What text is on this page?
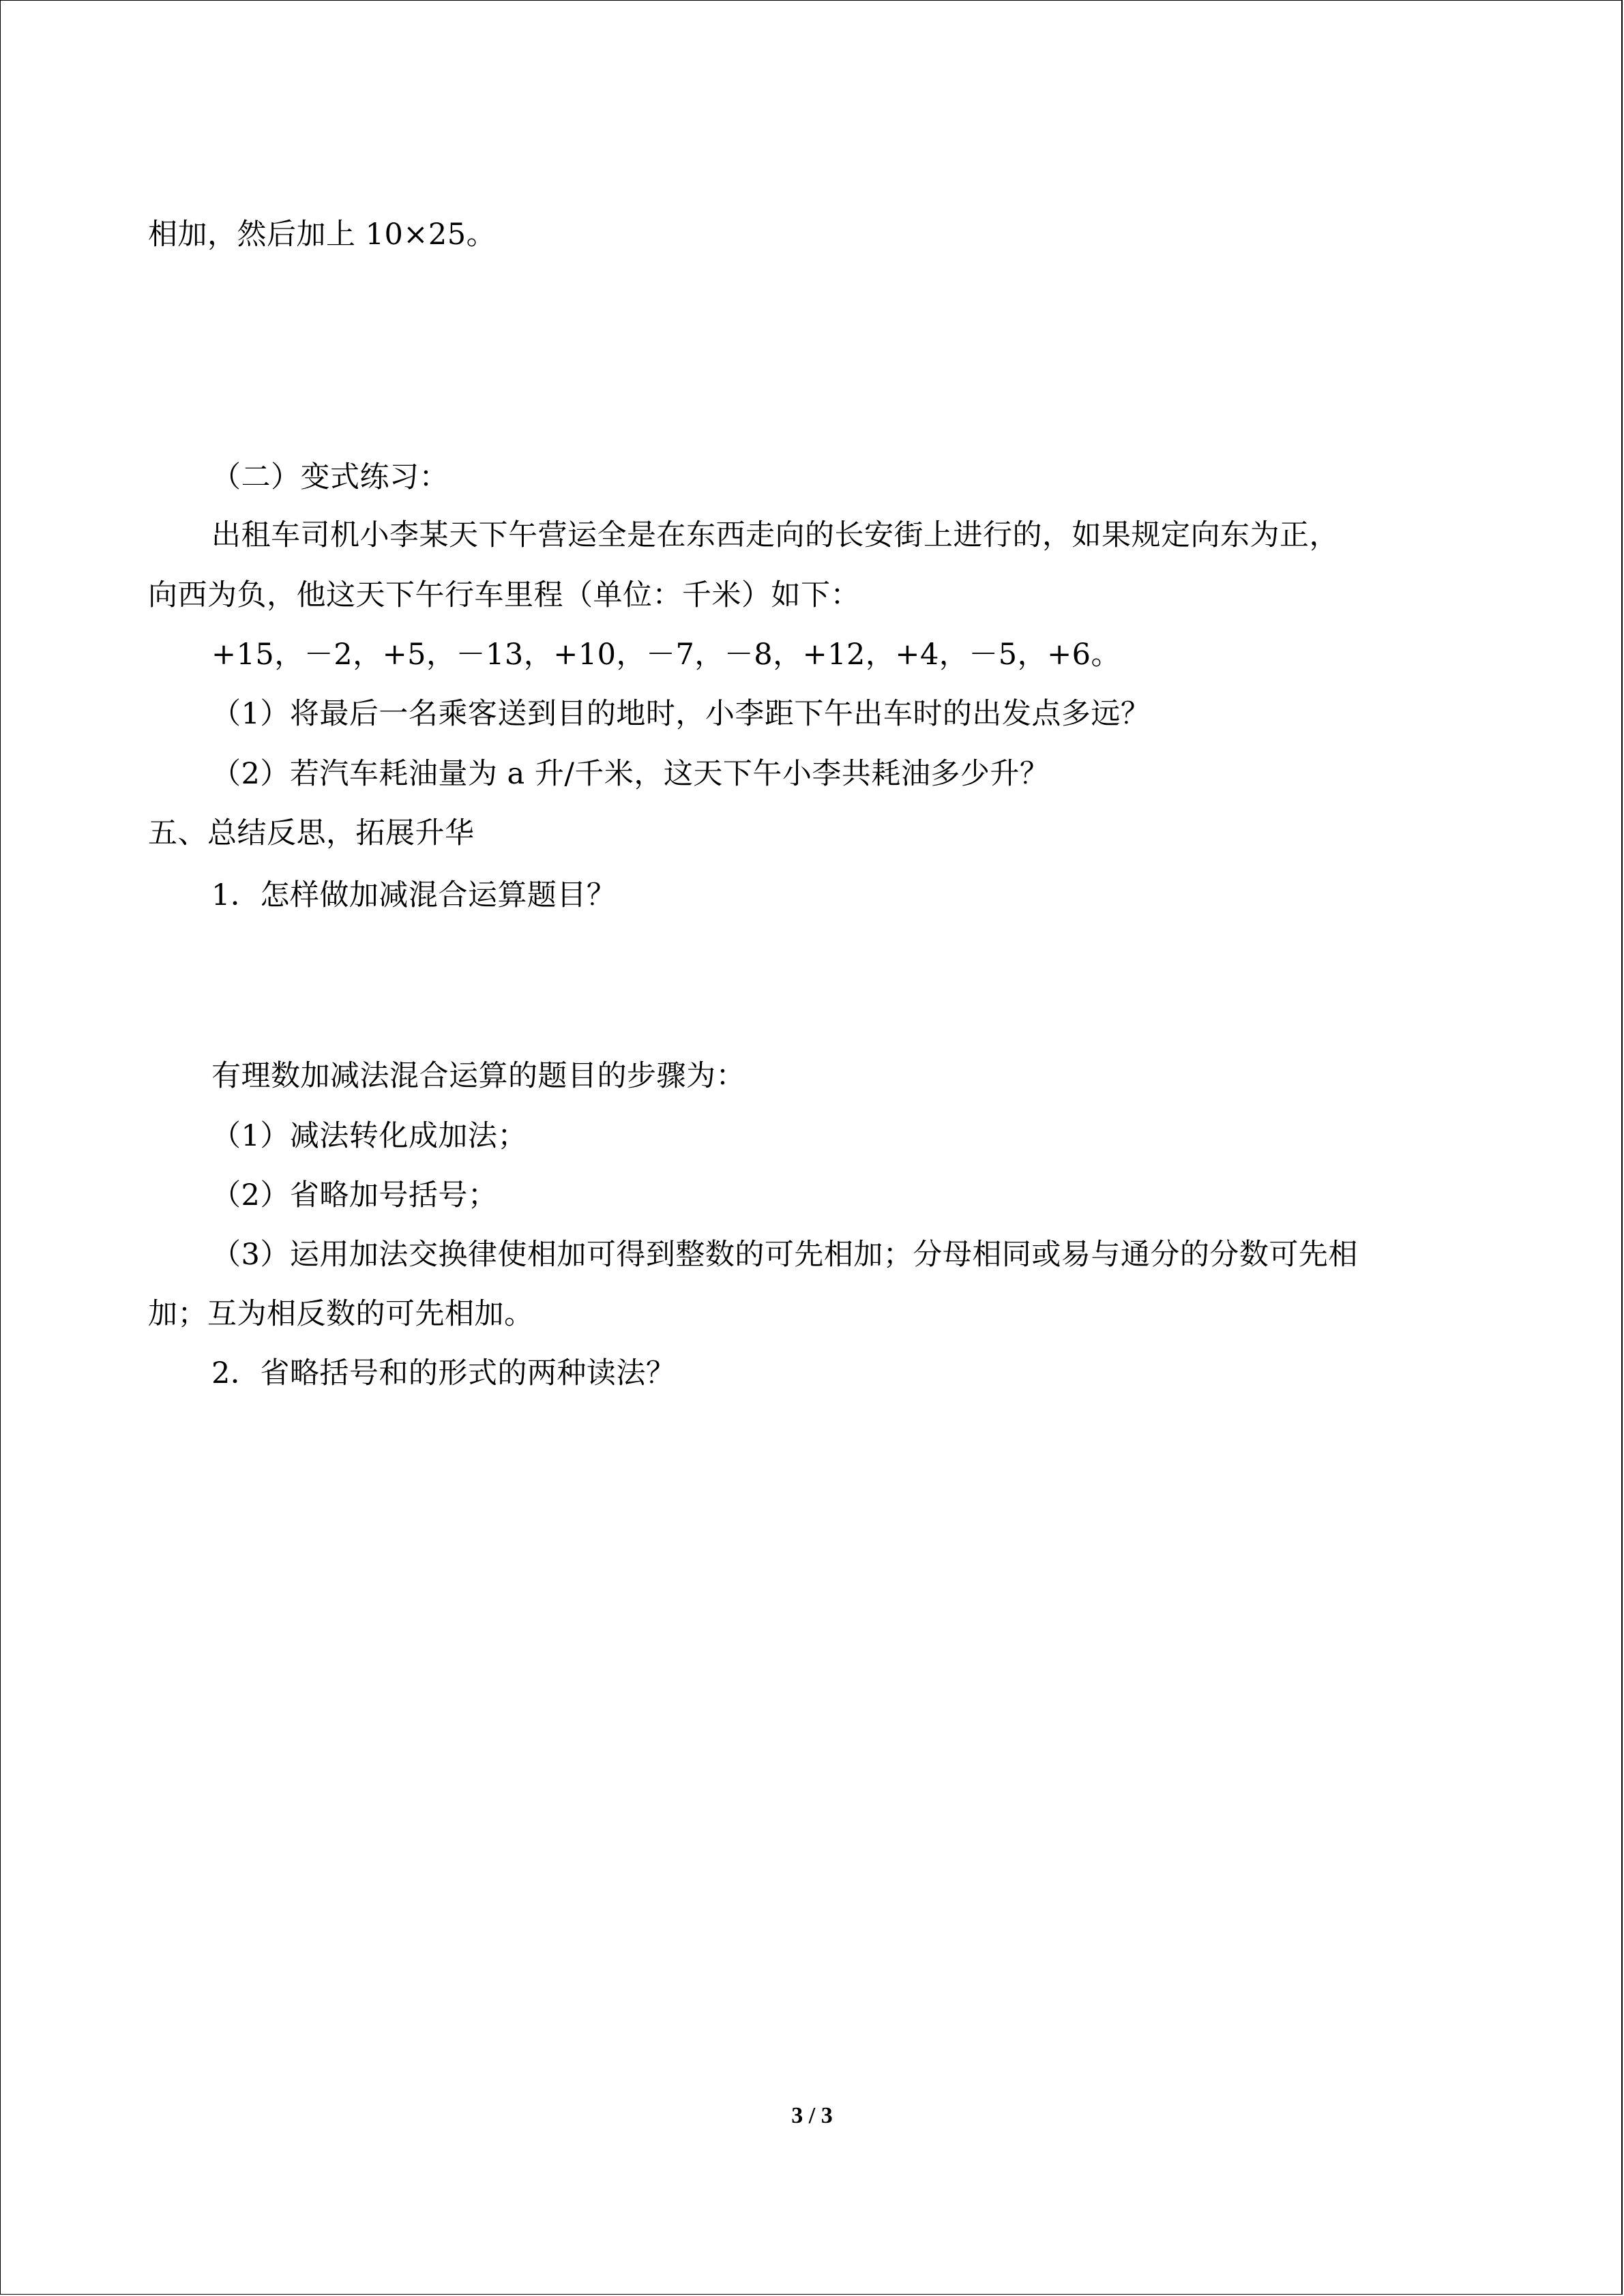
相加，然后加上 10×25。
（二）变式练习：
出租车司机小李某天下午营运全是在东西走向的长安街上进行的，如果规定向东为正，
向西为负，他这天下午行车里程（单位：千米）如下：
+15，－2，+5，－13，+10，－7，－8，+12，+4，－5，+6。
（1）将最后一名乘客送到目的地时，小李距下午出车时的出发点多远？
（2）若汽车耗油量为 a 升/千米，这天下午小李共耗油多少升？
五、总结反思，拓展升华
1．怎样做加减混合运算题目？
有理数加减法混合运算的题目的步骤为：
（1）减法转化成加法；
（2）省略加号括号；
（3）运用加法交换律使相加可得到整数的可先相加；分母相同或易与通分的分数可先相
加；互为相反数的可先相加。
2．省略括号和的形式的两种读法？
3 / 3
